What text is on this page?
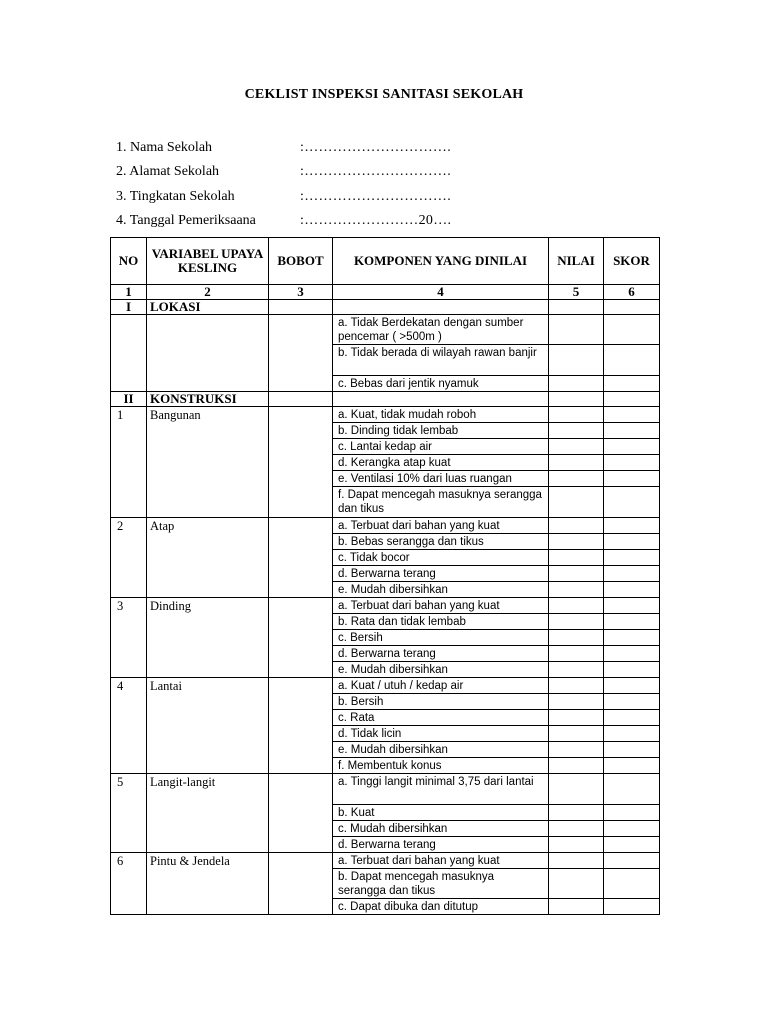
CEKLIST INSPEKSI SANITASI SEKOLAH
1. Nama Sekolah	:………………………….
2. Alamat Sekolah	:………………………….
3. Tingkatan Sekolah	:………………………….
4. Tanggal Pemeriksaana	:……………………20….
NO	VARIABEL UPAYA KESLING	BOBOT	KOMPONEN YANG DINILAI	NILAI	SKOR
1	2	3	4	5	6
I	LOKASI				
			a. Tidak Berdekatan dengan sumber pencemar ( >500m )		
			b. Tidak berada di wilayah rawan banjir		
			c. Bebas dari jentik nyamuk		
II	KONSTRUKSI				
1	Bangunan		a. Kuat, tidak mudah roboh		
			b. Dinding tidak lembab		
			c. Lantai kedap air		
			d. Kerangka atap kuat		
			e. Ventilasi 10% dari luas ruangan		
			f. Dapat mencegah masuknya serangga dan tikus		
2	Atap		a. Terbuat dari bahan yang kuat		
			b. Bebas serangga dan tikus		
			c. Tidak bocor		
			d. Berwarna terang		
			e. Mudah dibersihkan		
3	Dinding		a. Terbuat dari bahan yang kuat		
			b. Rata dan tidak lembab		
			c. Bersih		
			d. Berwarna terang		
			e. Mudah dibersihkan		
4	Lantai		a. Kuat / utuh / kedap air		
			b. Bersih		
			c. Rata		
			d. Tidak licin		
			e. Mudah dibersihkan		
			f. Membentuk konus		
5	Langit-langit		a. Tinggi langit minimal 3,75 dari lantai		
			b. Kuat		
			c. Mudah dibersihkan		
			d. Berwarna terang		
6	Pintu & Jendela		a. Terbuat dari bahan yang kuat		
			b. Dapat mencegah masuknya serangga dan tikus		
			c. Dapat dibuka dan ditutup		
